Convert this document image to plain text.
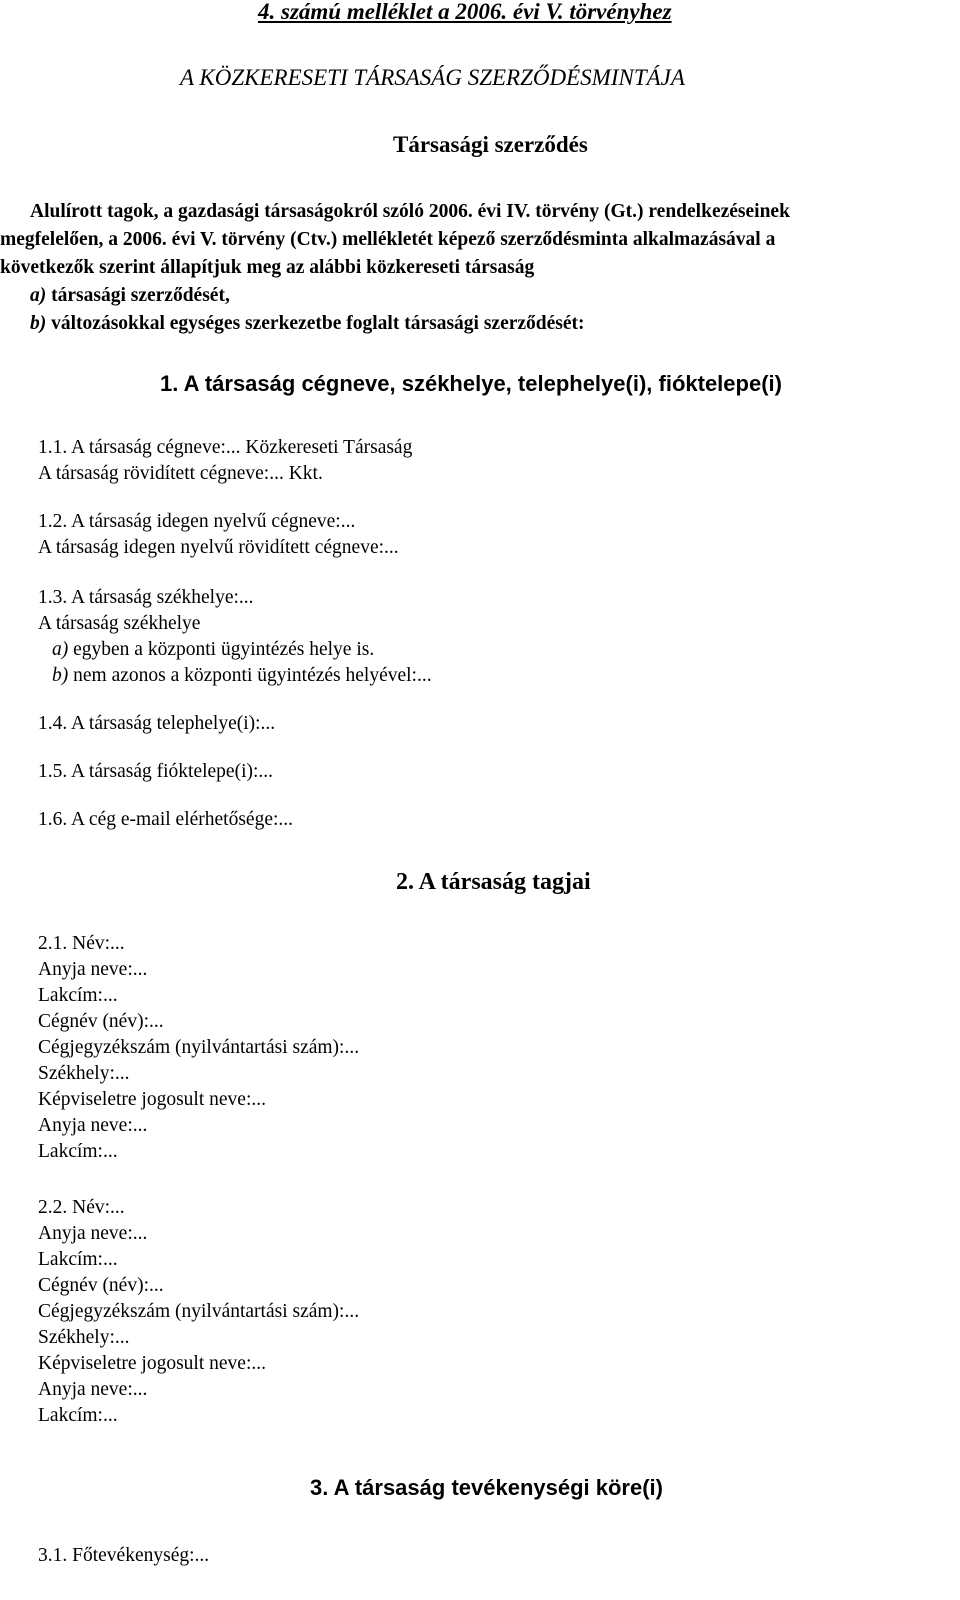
4. számú melléklet a 2006. évi V. törvényhez
A KÖZKERESETI TÁRSASÁG SZERZŐDÉSMINTÁJA
Társasági szerződés
Alulírott tagok, a gazdasági társaságokról szóló 2006. évi IV. törvény (Gt.) rendelkezéseinek
megfelelően, a 2006. évi V. törvény (Ctv.) mellékletét képező szerződésminta alkalmazásával a
következők szerint állapítjuk meg az alábbi közkereseti társaság
a) társasági szerződését,
b) változásokkal egységes szerkezetbe foglalt társasági szerződését:
1. A társaság cégneve, székhelye, telephelye(i), fióktelepe(i)
1.1. A társaság cégneve:... Közkereseti Társaság
A társaság rövidített cégneve:... Kkt.
1.2. A társaság idegen nyelvű cégneve:...
A társaság idegen nyelvű rövidített cégneve:...
1.3. A társaság székhelye:...
A társaság székhelye
a) egyben a központi ügyintézés helye is.
b) nem azonos a központi ügyintézés helyével:...
1.4. A társaság telephelye(i):...
1.5. A társaság fióktelepe(i):...
1.6. A cég e-mail elérhetősége:...
2. A társaság tagjai
2.1. Név:...
Anyja neve:...
Lakcím:...
Cégnév (név):...
Cégjegyzékszám (nyilvántartási szám):...
Székhely:...
Képviseletre jogosult neve:...
Anyja neve:...
Lakcím:...
2.2. Név:...
Anyja neve:...
Lakcím:...
Cégnév (név):...
Cégjegyzékszám (nyilvántartási szám):...
Székhely:...
Képviseletre jogosult neve:...
Anyja neve:...
Lakcím:...
3. A társaság tevékenységi köre(i)
3.1. Főtevékenység:...
